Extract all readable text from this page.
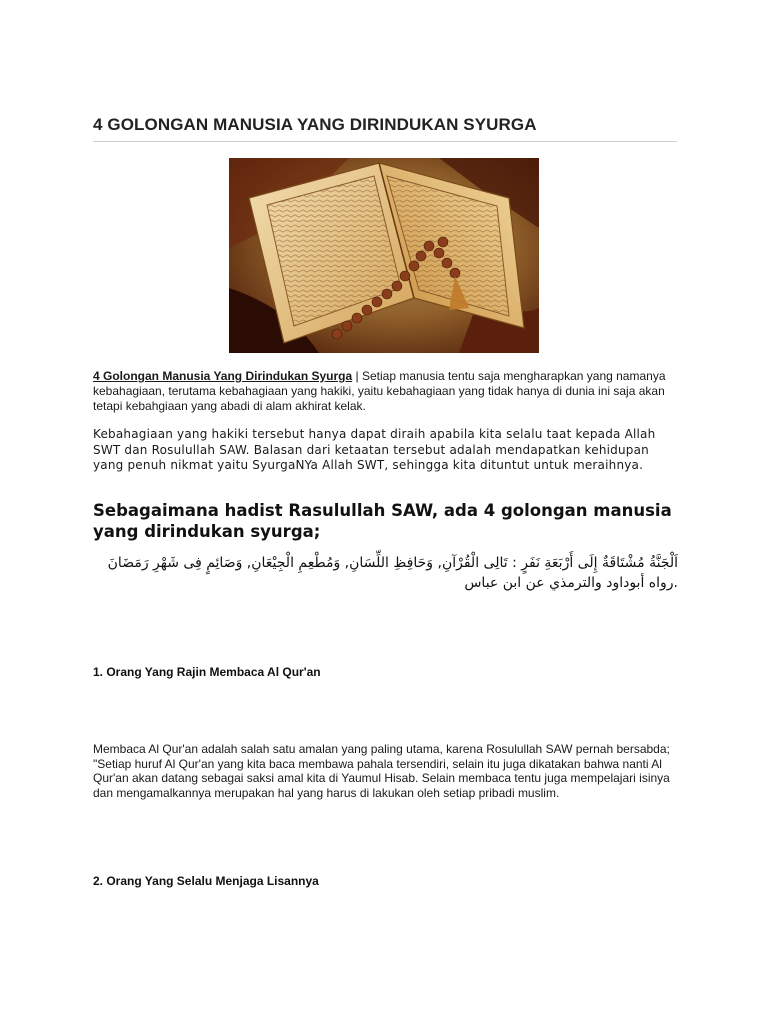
4 GOLONGAN MANUSIA YANG DIRINDUKAN SYURGA

4 Golongan Manusia Yang Dirindukan Syurga | Setiap manusia tentu saja mengharapkan yang namanya kebahagiaan, terutama kebahagiaan yang hakiki, yaitu kebahagiaan yang tidak hanya di dunia ini saja akan tetapi kebahgiaan yang abadi di alam akhirat kelak.

Kebahagiaan yang hakiki tersebut hanya dapat diraih apabila kita selalu taat kepada Allah SWT dan Rosulullah SAW. Balasan dari ketaatan tersebut adalah mendapatkan kehidupan yang penuh nikmat yaitu SyurgaNYa Allah SWT, sehingga kita dituntut untuk meraihnya.

Sebagaimana hadist Rasulullah SAW, ada 4 golongan manusia yang dirindukan syurga;

اَلْجَنَّةُ مُشْتَاقَةٌ إِلَى أَرْبَعَةِ نَفَرٍ : تَالِى الْقُرْآنِ, وَحَافِظِ اللِّسَانِ, وَمُطْعِمِ الْجِيْعَانِ, وَصَائِمٍ فِى شَهْرِ رَمَضَانَ .رواه أبوداود والترمذي عن ابن عباس

1. Orang Yang Rajin Membaca Al Qur'an

Membaca Al Qur'an adalah salah satu amalan yang paling utama, karena Rosulullah SAW pernah bersabda; "Setiap huruf Al Qur'an yang kita baca membawa pahala tersendiri, selain itu juga dikatakan bahwa nanti Al Qur'an akan datang sebagai saksi amal kita di Yaumul Hisab. Selain membaca tentu juga mempelajari isinya dan mengamalkannya merupakan hal yang harus di lakukan oleh setiap pribadi muslim.

2. Orang Yang Selalu Menjaga Lisannya
